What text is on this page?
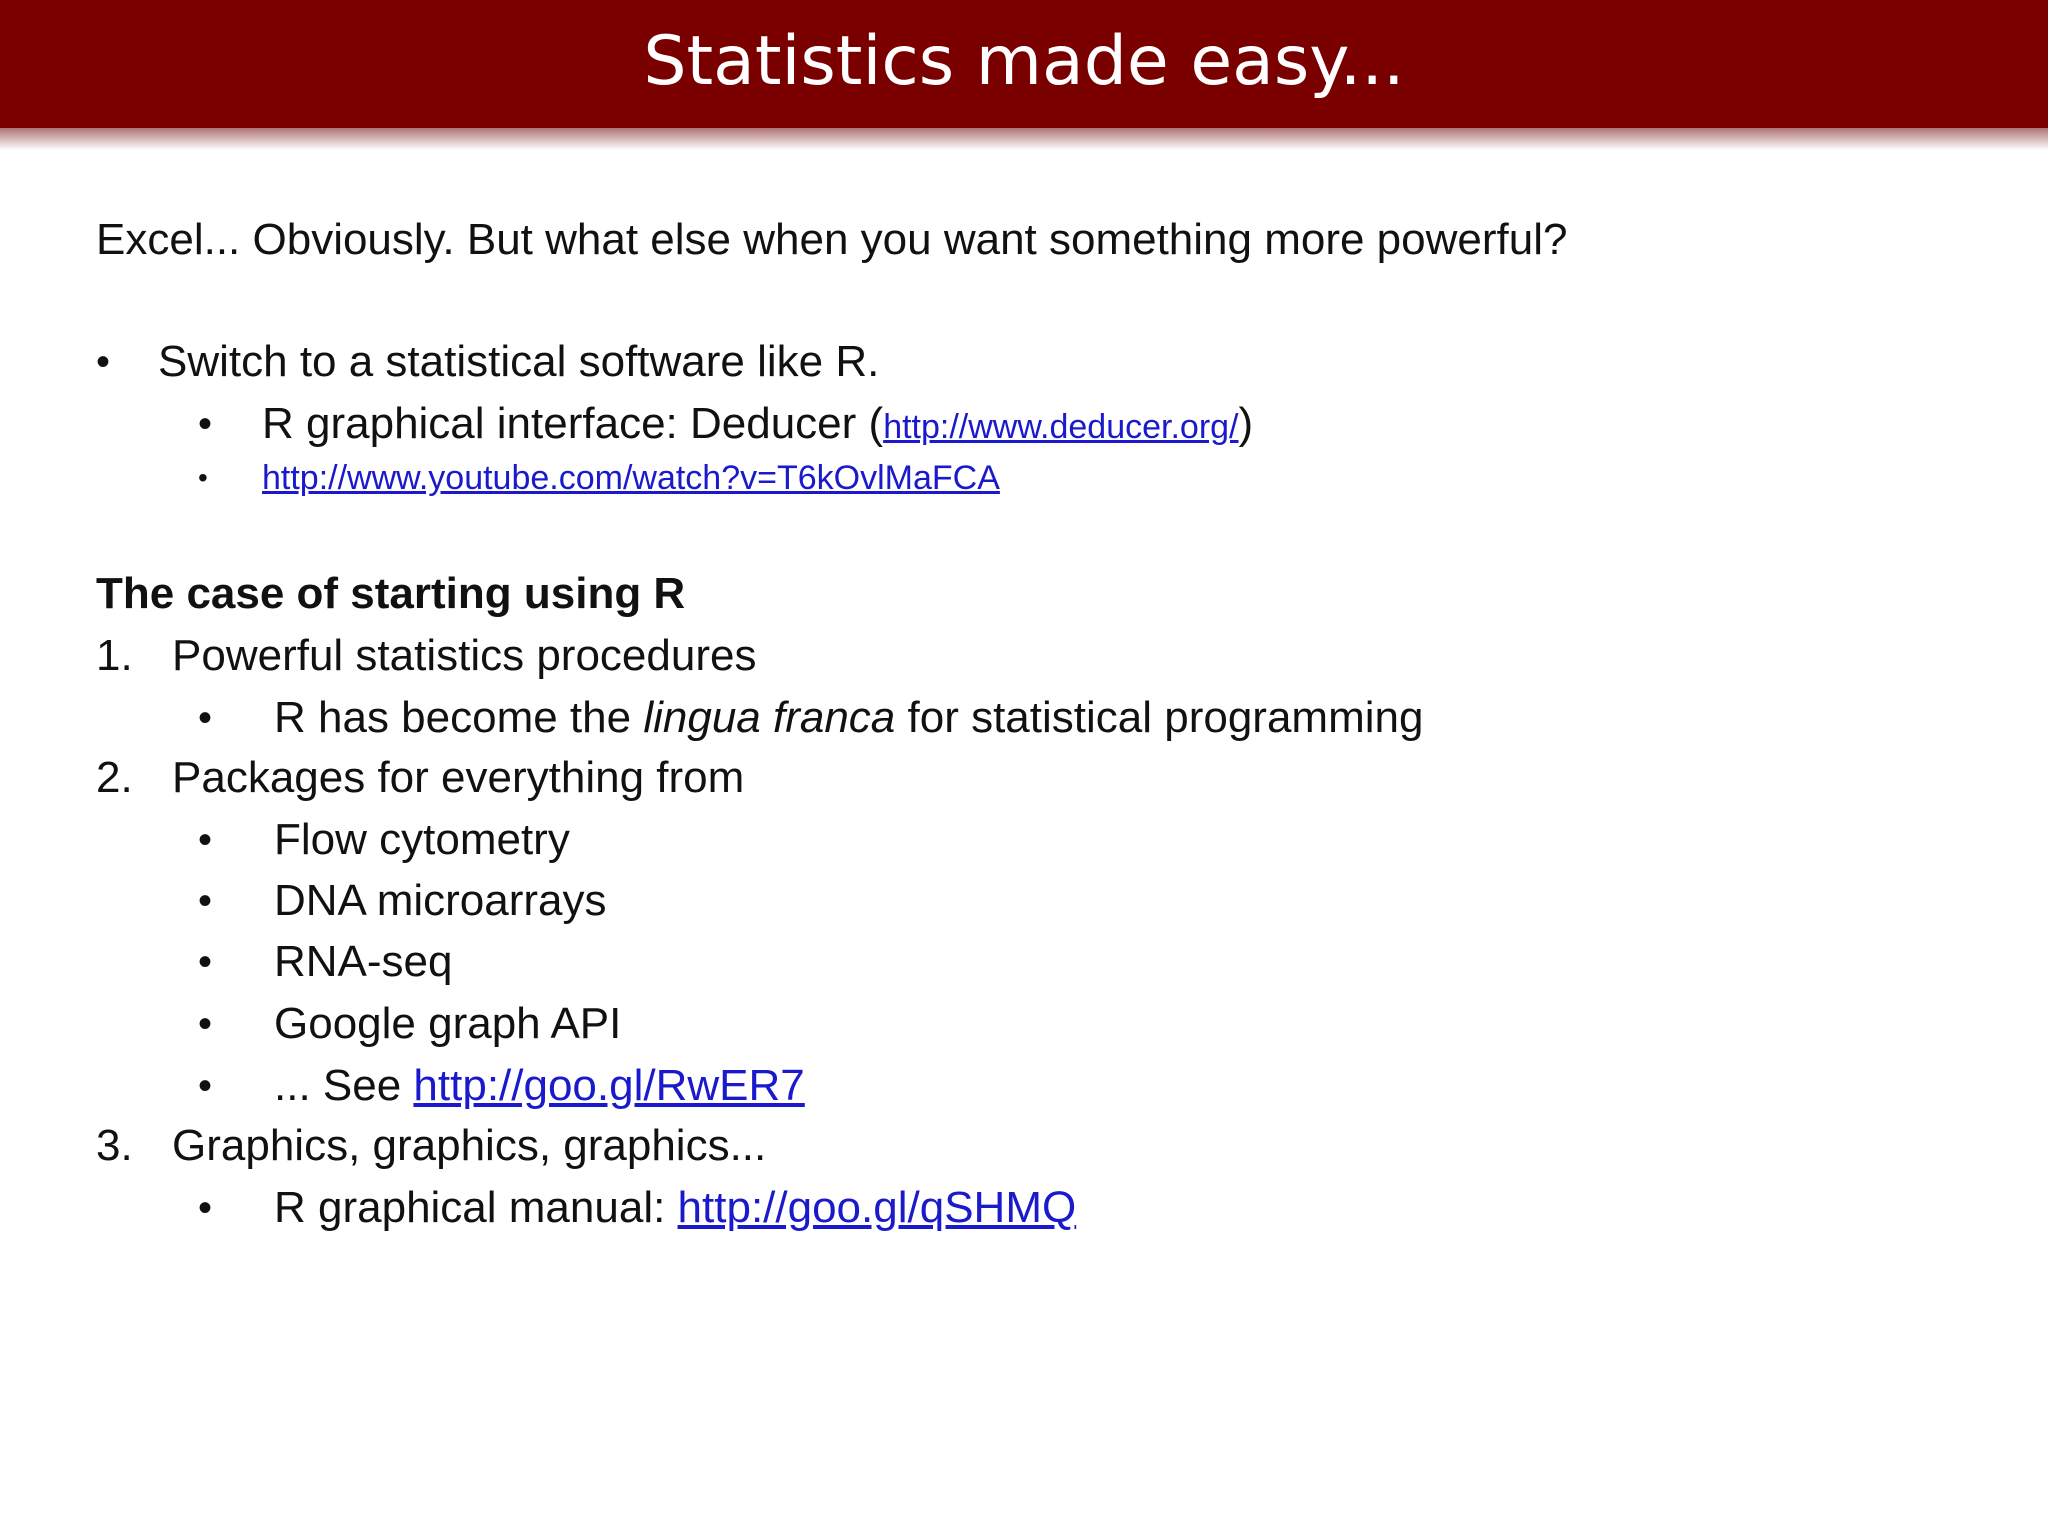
Statistics made easy...
Excel... Obviously. But what else when you want something more powerful?
• Switch to a statistical software like R.
• R graphical interface: Deducer (http://www.deducer.org/)
• http://www.youtube.com/watch?v=T6kOvlMaFCA
The case of starting using R
1. Powerful statistics procedures
• R has become the lingua franca for statistical programming
2. Packages for everything from
• Flow cytometry
• DNA microarrays
• RNA-seq
• Google graph API
• ... See http://goo.gl/RwER7
3. Graphics, graphics, graphics...
• R graphical manual: http://goo.gl/qSHMQ
